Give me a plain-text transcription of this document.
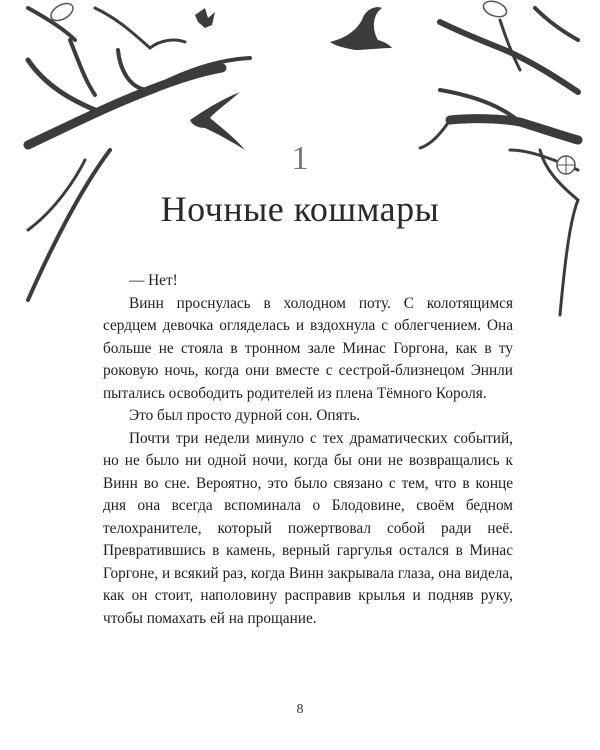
1
Ночные кошмары

— Нет!

Винн проснулась в холодном поту. С колотящимся сердцем девочка огляделась и вздохнула с облегчением. Она больше не стояла в тронном зале Минас Горгона, как в ту роковую ночь, когда они вместе с сестрой-близнецом Эннли пытались освободить родителей из плена Тёмного Короля.

Это был просто дурной сон. Опять.

Почти три недели минуло с тех драматических событий, но не было ни одной ночи, когда бы они не возвращались к Винн во сне. Вероятно, это было связано с тем, что в конце дня она всегда вспоминала о Блодовине, своём бедном телохранителе, который пожертвовал собой ради неё. Превратившись в камень, верный гаргулья остался в Минас Горгоне, и всякий раз, когда Винн закрывала глаза, она видела, как он стоит, наполовину расправив крылья и подняв руку, чтобы помахать ей на прощание.

8
